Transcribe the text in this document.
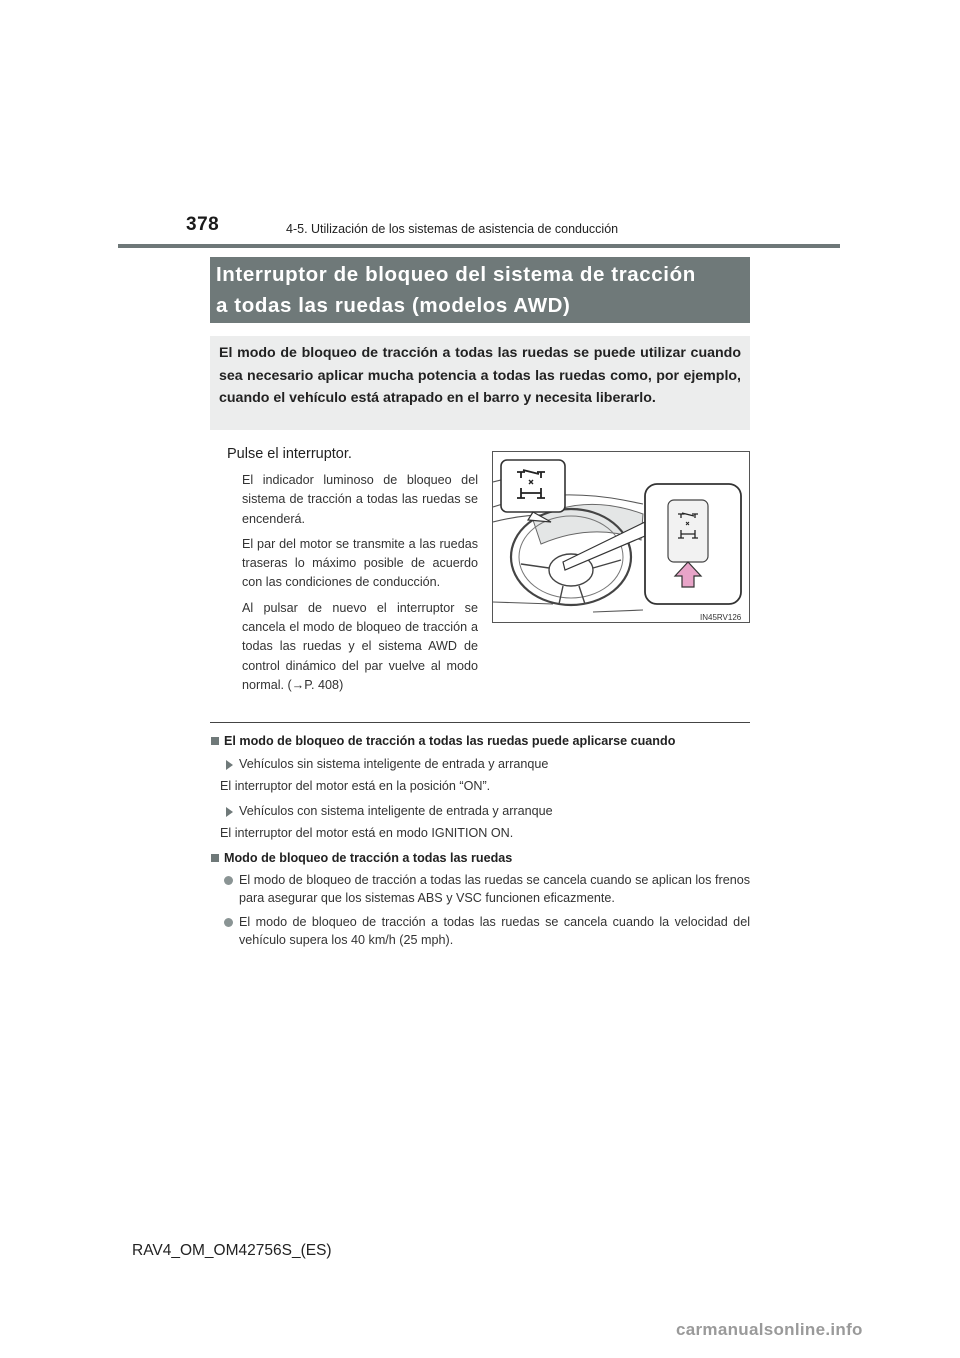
378	4-5. Utilización de los sistemas de asistencia de conducción
Interruptor de bloqueo del sistema de tracción
a todas las ruedas (modelos AWD)
El modo de bloqueo de tracción a todas las ruedas se puede utilizar cuando sea necesario aplicar mucha potencia a todas las ruedas como, por ejemplo, cuando el vehículo está atrapado en el barro y necesita liberarlo.
Pulse el interruptor.

El indicador luminoso de bloqueo del sistema de tracción a todas las ruedas se encenderá.

El par del motor se transmite a las ruedas traseras lo máximo posible de acuerdo con las condiciones de conducción.

Al pulsar de nuevo el interruptor se cancela el modo de bloqueo de tracción a todas las ruedas y el sistema AWD de control dinámico del par vuelve al modo normal. (→P. 408)

IN45RV126
El modo de bloqueo de tracción a todas las ruedas puede aplicarse cuando
Vehículos sin sistema inteligente de entrada y arranque
El interruptor del motor está en la posición “ON”.
Vehículos con sistema inteligente de entrada y arranque
El interruptor del motor está en modo IGNITION ON.
Modo de bloqueo de tracción a todas las ruedas
El modo de bloqueo de tracción a todas las ruedas se cancela cuando se aplican los frenos para asegurar que los sistemas ABS y VSC funcionen eficazmente.
El modo de bloqueo de tracción a todas las ruedas se cancela cuando la velocidad del vehículo supera los 40 km/h (25 mph).
RAV4_OM_OM42756S_(ES)
carmanualsonline.info
